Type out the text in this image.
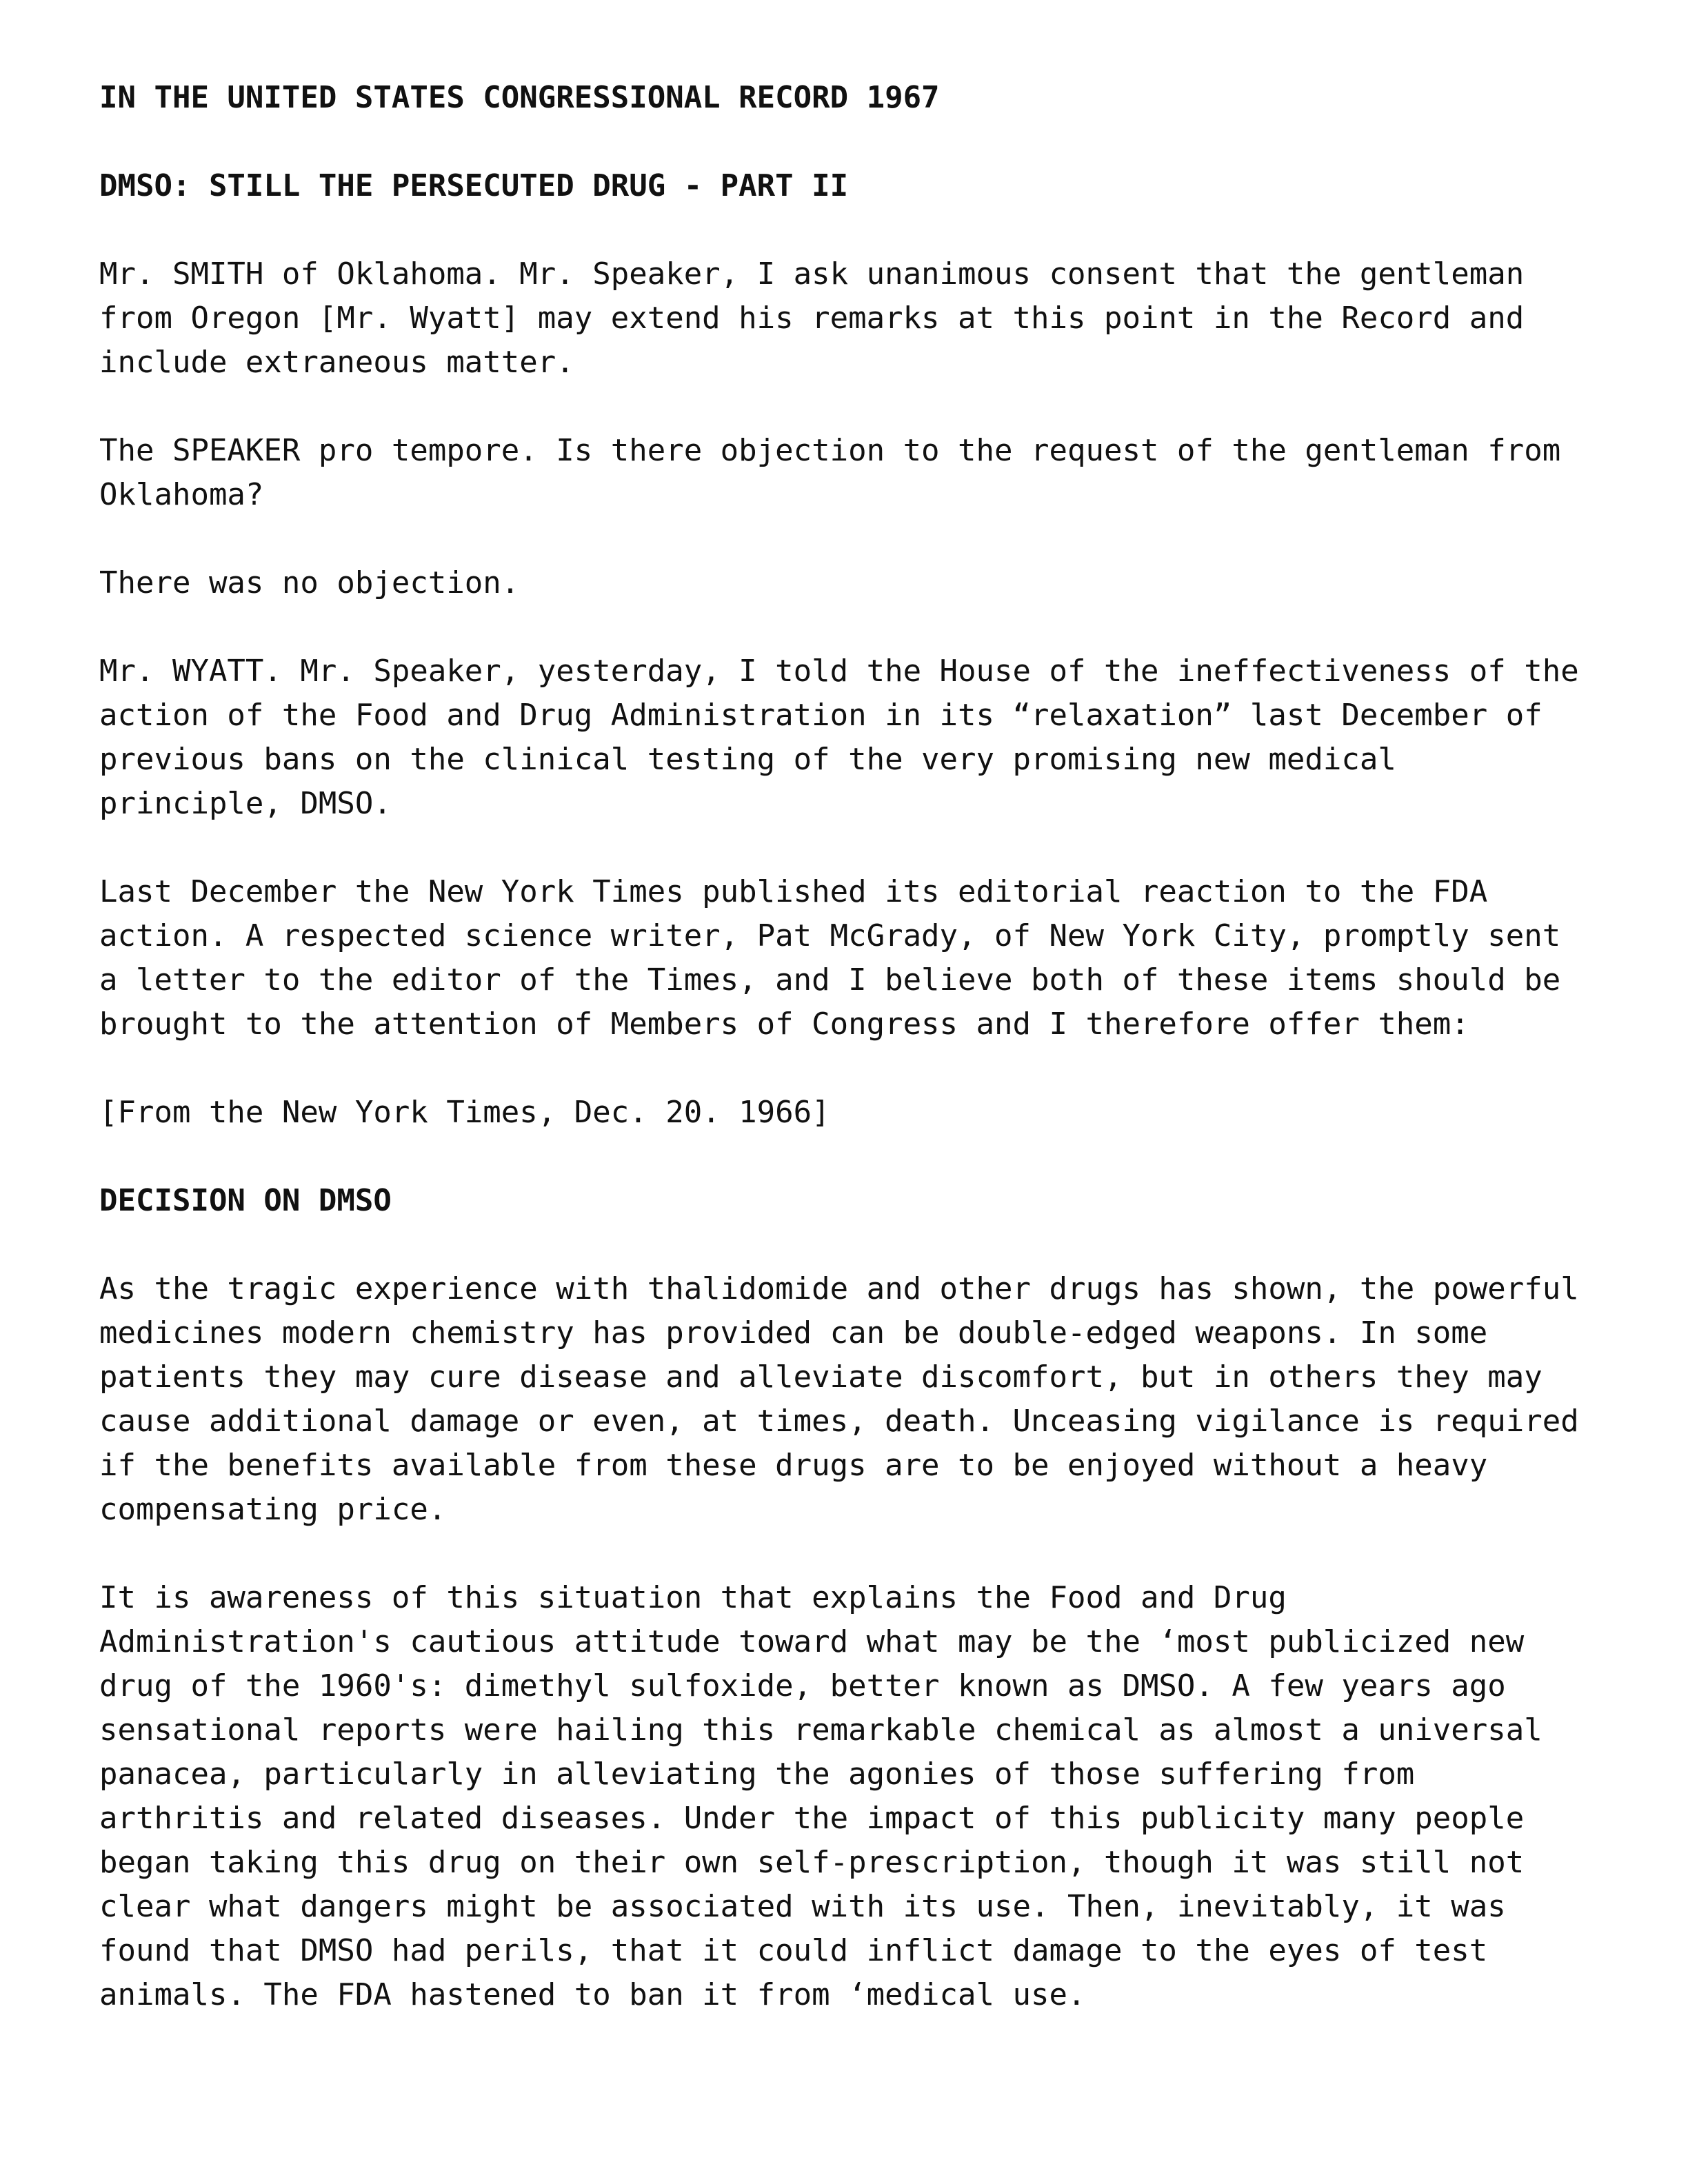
IN THE UNITED STATES CONGRESSIONAL RECORD 1967
DMSO: STILL THE PERSECUTED DRUG - PART II
Mr. SMITH of Oklahoma. Mr. Speaker, I ask unanimous consent that the gentleman
from Oregon [Mr. Wyatt] may extend his remarks at this point in the Record and
include extraneous matter.
The SPEAKER pro tempore. Is there objection to the request of the gentleman from
Oklahoma?
There was no objection.
Mr. WYATT. Mr. Speaker, yesterday, I told the House of the ineffectiveness of the
action of the Food and Drug Administration in its “relaxation” last December of
previous bans on the clinical testing of the very promising new medical
principle, DMSO.
Last December the New York Times published its editorial reaction to the FDA
action. A respected science writer, Pat McGrady, of New York City, promptly sent
a letter to the editor of the Times, and I believe both of these items should be
brought to the attention of Members of Congress and I therefore offer them:
[From the New York Times, Dec. 20. 1966]
DECISION ON DMSO
As the tragic experience with thalidomide and other drugs has shown, the powerful
medicines modern chemistry has provided can be double-edged weapons. In some
patients they may cure disease and alleviate discomfort, but in others they may
cause additional damage or even, at times, death. Unceasing vigilance is required
if the benefits available from these drugs are to be enjoyed without a heavy
compensating price.
It is awareness of this situation that explains the Food and Drug
Administration's cautious attitude toward what may be the ‘most publicized new
drug of the 1960's: dimethyl sulfoxide, better known as DMSO. A few years ago
sensational reports were hailing this remarkable chemical as almost a universal
panacea, particularly in alleviating the agonies of those suffering from
arthritis and related diseases. Under the impact of this publicity many people
began taking this drug on their own self-prescription, though it was still not
clear what dangers might be associated with its use. Then, inevitably, it was
found that DMSO had perils, that it could inflict damage to the eyes of test
animals. The FDA hastened to ban it from ‘medical use.
